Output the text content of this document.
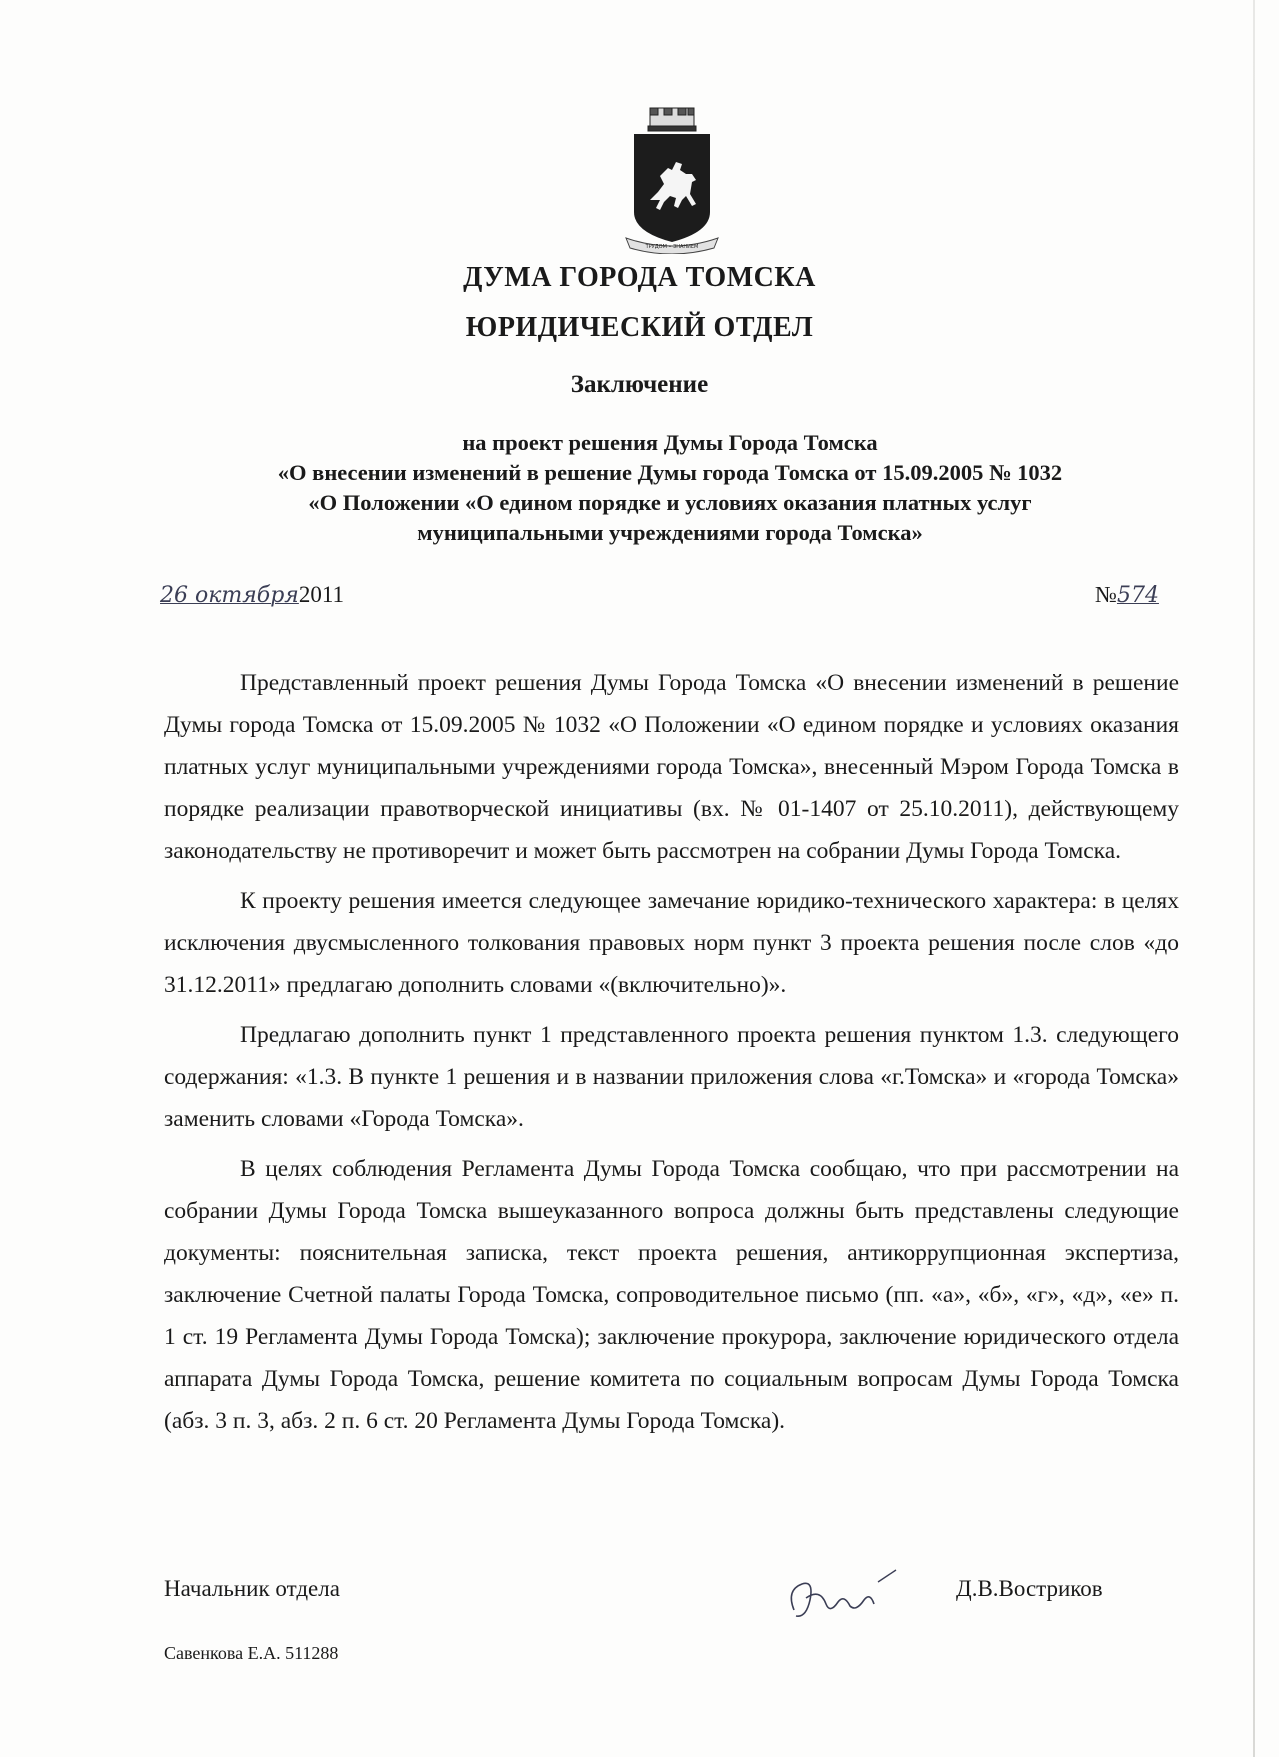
ТРУДОМ • ЗНАНИЕМ
ДУМА ГОРОДА ТОМСКА
ЮРИДИЧЕСКИЙ ОТДЕЛ
Заключение
на проект решения Думы Города Томска
«О внесении изменений в решение Думы города Томска от 15.09.2005 № 1032
«О Положении «О едином порядке и условиях оказания платных услуг
муниципальными учреждениями города Томска»
26 октября2011	№574

Представленный проект решения Думы Города Томска «О внесении изменений в решение Думы города Томска от 15.09.2005 № 1032 «О Положении «О едином порядке и условиях оказания платных услуг муниципальными учреждениями города Томска», внесенный Мэром Города Томска в порядке реализации правотворческой инициативы (вх. № 01-1407 от 25.10.2011), действующему законодательству не противоречит и может быть рассмотрен на собрании Думы Города Томска.

К проекту решения имеется следующее замечание юридико-технического характера: в целях исключения двусмысленного толкования правовых норм пункт 3 проекта решения после слов «до 31.12.2011» предлагаю дополнить словами «(включительно)».

Предлагаю дополнить пункт 1 представленного проекта решения пунктом 1.3. следующего содержания: «1.3. В пункте 1 решения и в названии приложения слова «г.Томска» и «города Томска» заменить словами «Города Томска».

В целях соблюдения Регламента Думы Города Томска сообщаю, что при рассмотрении на собрании Думы Города Томска вышеуказанного вопроса должны быть представлены следующие документы: пояснительная записка, текст проекта решения, антикоррупционная экспертиза, заключение Счетной палаты Города Томска, сопроводительное письмо (пп. «а», «б», «г», «д», «е» п. 1 ст. 19 Регламента Думы Города Томска); заключение прокурора, заключение юридического отдела аппарата Думы Города Томска, решение комитета по социальным вопросам Думы Города Томска (абз. 3 п. 3, абз. 2 п. 6 ст. 20 Регламента Думы Города Томска).

Начальник отдела	Д.В.Востриков
Савенкова Е.А. 511288
